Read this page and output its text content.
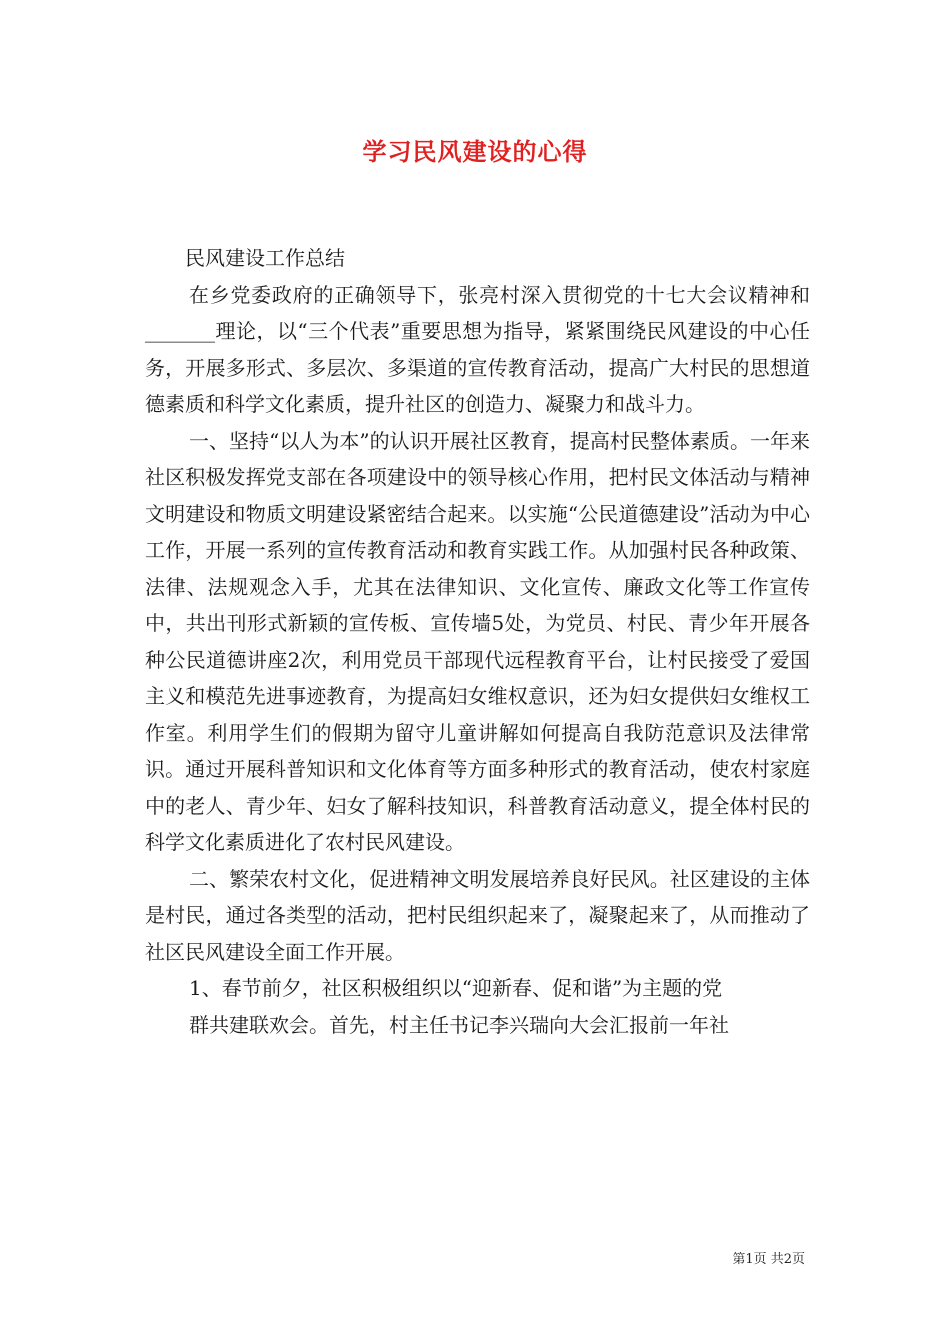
学习民风建设的心得

民风建设工作总结

在乡党委政府的正确领导下，张亮村深入贯彻党的十七大会议精神和_______理论，以“三个代表”重要思想为指导，紧紧围绕民风建设的中心任务，开展多形式、多层次、多渠道的宣传教育活动，提高广大村民的思想道德素质和科学文化素质，提升社区的创造力、凝聚力和战斗力。

一、坚持“以人为本”的认识开展社区教育，提高村民整体素质。一年来社区积极发挥党支部在各项建设中的领导核心作用，把村民文体活动与精神文明建设和物质文明建设紧密结合起来。以实施“公民道德建设”活动为中心工作，开展一系列的宣传教育活动和教育实践工作。从加强村民各种政策、法律、法规观念入手，尤其在法律知识、文化宣传、廉政文化等工作宣传中，共出刊形式新颖的宣传板、宣传墙5处，为党员、村民、青少年开展各种公民道德讲座2次，利用党员干部现代远程教育平台，让村民接受了爱国主义和模范先进事迹教育，为提高妇女维权意识，还为妇女提供妇女维权工作室。利用学生们的假期为留守儿童讲解如何提高自我防范意识及法律常识。通过开展科普知识和文化体育等方面多种形式的教育活动，使农村家庭中的老人、青少年、妇女了解科技知识，科普教育活动意义，提全体村民的科学文化素质进化了农村民风建设。

二、繁荣农村文化，促进精神文明发展培养良好民风。社区建设的主体是村民，通过各类型的活动，把村民组织起来了，凝聚起来了，从而推动了社区民风建设全面工作开展。

1、春节前夕，社区积极组织以“迎新春、促和谐”为主题的党

群共建联欢会。首先，村主任书记李兴瑞向大会汇报前一年社

第1页 共2页
